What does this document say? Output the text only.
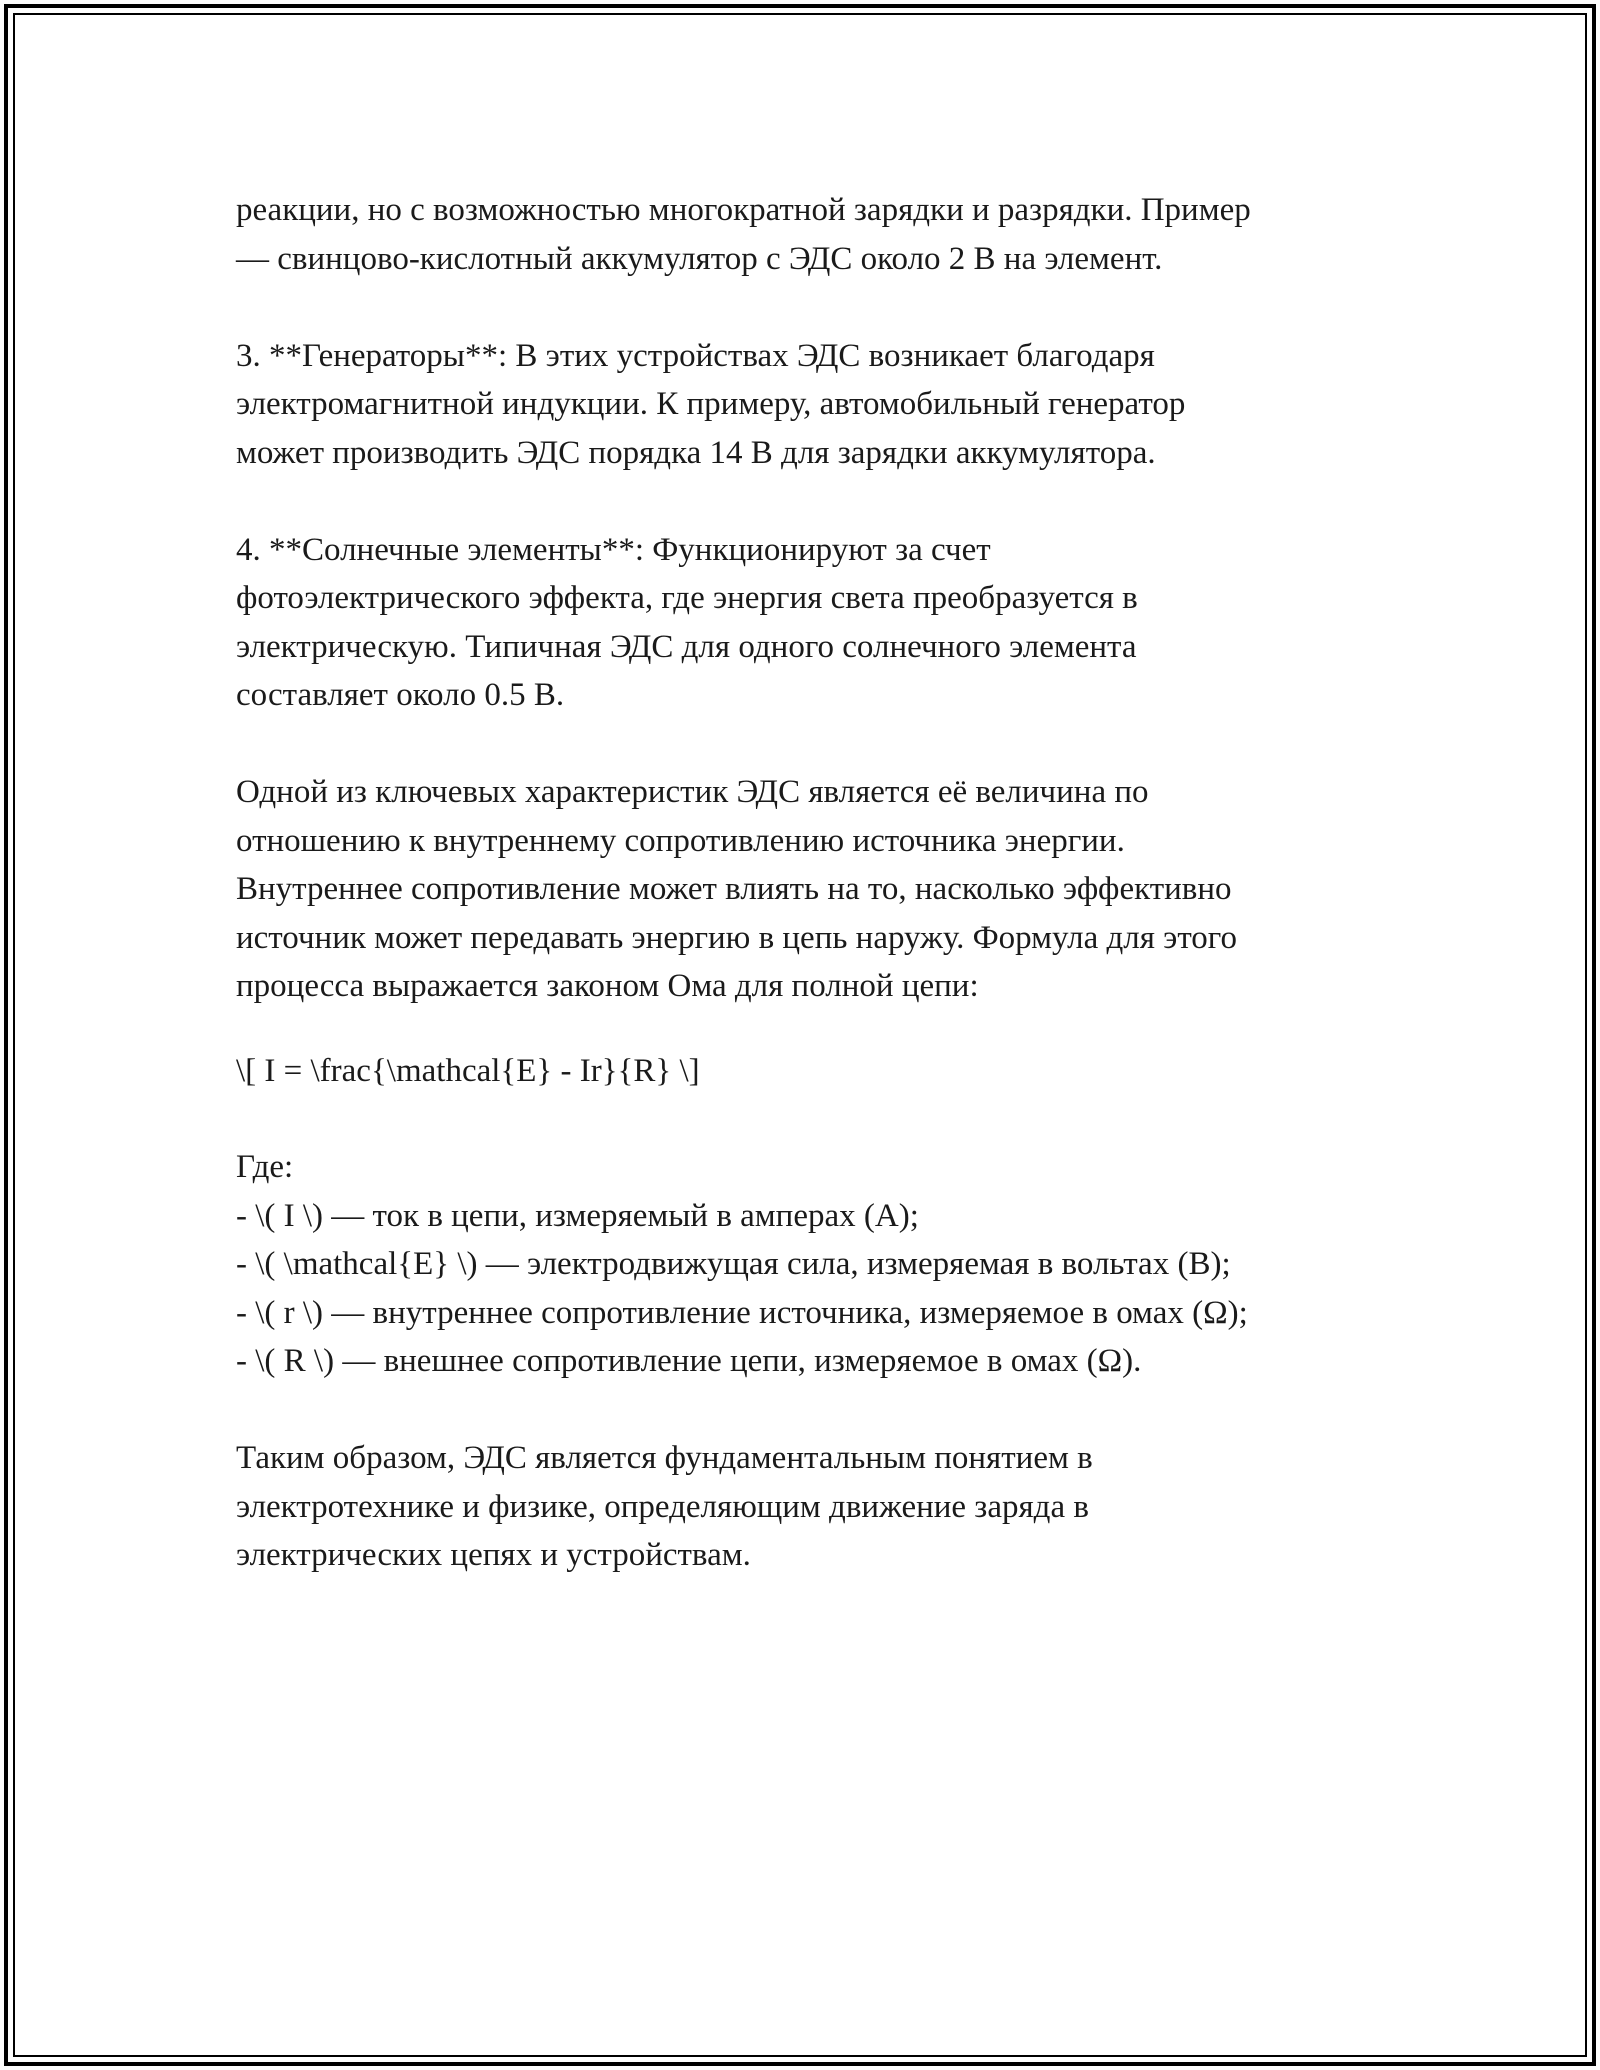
реакции, но с возможностью многократной зарядки и разрядки. Пример
— свинцово-кислотный аккумулятор с ЭДС около 2 В на элемент.
3. **Генераторы**: В этих устройствах ЭДС возникает благодаря
электромагнитной индукции. К примеру, автомобильный генератор
может производить ЭДС порядка 14 В для зарядки аккумулятора.
4. **Солнечные элементы**: Функционируют за счет
фотоэлектрического эффекта, где энергия света преобразуется в
электрическую. Типичная ЭДС для одного солнечного элемента
составляет около 0.5 В.
Одной из ключевых характеристик ЭДС является её величина по
отношению к внутреннему сопротивлению источника энергии.
Внутреннее сопротивление может влиять на то, насколько эффективно
источник может передавать энергию в цепь наружу. Формула для этого
процесса выражается законом Ома для полной цепи:
\[ I = \frac{\mathcal{E} - Ir}{R} \]
Где:
- \( I \) — ток в цепи, измеряемый в амперах (А);
- \( \mathcal{E} \) — электродвижущая сила, измеряемая в вольтах (В);
- \( r \) — внутреннее сопротивление источника, измеряемое в омах (Ω);
- \( R \) — внешнее сопротивление цепи, измеряемое в омах (Ω).
Таким образом, ЭДС является фундаментальным понятием в
электротехнике и физике, определяющим движение заряда в
электрических цепях и устройствам.
